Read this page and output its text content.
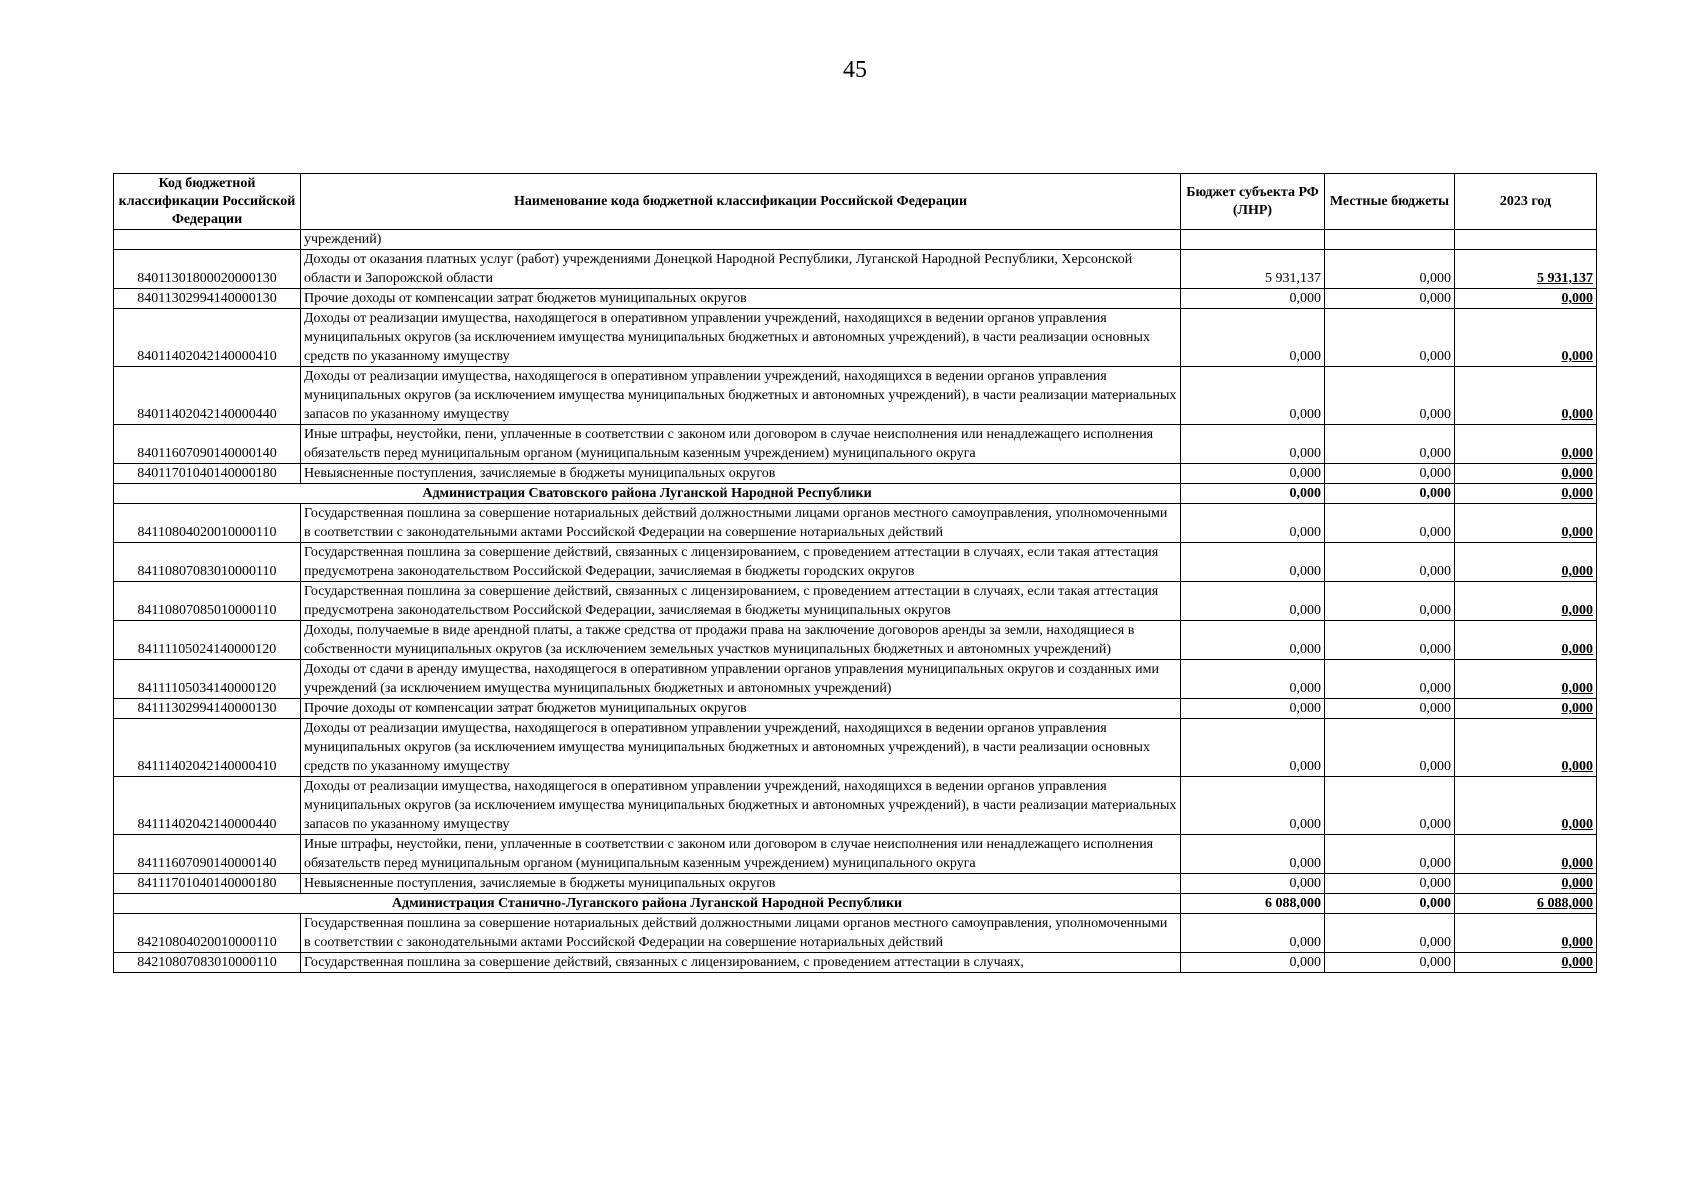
45
Код бюджетной классификации Российской Федерации	Наименование кода бюджетной классификации Российской Федерации	Бюджет субъекта РФ (ЛНР)	Местные бюджеты	2023 год
	учреждений)			
84011301800020000130	Доходы от оказания платных услуг (работ) учреждениями Донецкой Народной Республики, Луганской Народной Республики, Херсонской области и Запорожской области	5 931,137	0,000	5 931,137
84011302994140000130	Прочие доходы от компенсации затрат бюджетов муниципальных округов	0,000	0,000	0,000
84011402042140000410	Доходы от реализации имущества, находящегося в оперативном управлении учреждений, находящихся в ведении органов управления муниципальных округов (за исключением имущества муниципальных бюджетных и автономных учреждений), в части реализации основных средств по указанному имуществу	0,000	0,000	0,000
84011402042140000440	Доходы от реализации имущества, находящегося в оперативном управлении учреждений, находящихся в ведении органов управления муниципальных округов (за исключением имущества муниципальных бюджетных и автономных учреждений), в части реализации материальных запасов по указанному имуществу	0,000	0,000	0,000
84011607090140000140	Иные штрафы, неустойки, пени, уплаченные в соответствии с законом или договором в случае неисполнения или ненадлежащего исполнения обязательств перед муниципальным органом (муниципальным казенным учреждением) муниципального округа	0,000	0,000	0,000
84011701040140000180	Невыясненные поступления, зачисляемые в бюджеты муниципальных округов	0,000	0,000	0,000
Администрация Сватовского района Луганской Народной Республики		0,000	0,000	0,000
84110804020010000110	Государственная пошлина за совершение нотариальных действий должностными лицами органов местного самоуправления, уполномоченными в соответствии с законодательными актами Российской Федерации на совершение нотариальных действий	0,000	0,000	0,000
84110807083010000110	Государственная пошлина за совершение действий, связанных с лицензированием, с проведением аттестации в случаях, если такая аттестация предусмотрена законодательством Российской Федерации, зачисляемая в бюджеты городских округов	0,000	0,000	0,000
84110807085010000110	Государственная пошлина за совершение действий, связанных с лицензированием, с проведением аттестации в случаях, если такая аттестация предусмотрена законодательством Российской Федерации, зачисляемая в бюджеты муниципальных округов	0,000	0,000	0,000
84111105024140000120	Доходы, получаемые в виде арендной платы, а также средства от продажи права на заключение договоров аренды за земли, находящиеся в собственности муниципальных округов (за исключением земельных участков муниципальных бюджетных и автономных учреждений)	0,000	0,000	0,000
84111105034140000120	Доходы от сдачи в аренду имущества, находящегося в оперативном управлении органов управления муниципальных округов и созданных ими учреждений (за исключением имущества муниципальных бюджетных и автономных учреждений)	0,000	0,000	0,000
84111302994140000130	Прочие доходы от компенсации затрат бюджетов муниципальных округов	0,000	0,000	0,000
84111402042140000410	Доходы от реализации имущества, находящегося в оперативном управлении учреждений, находящихся в ведении органов управления муниципальных округов (за исключением имущества муниципальных бюджетных и автономных учреждений), в части реализации основных средств по указанному имуществу	0,000	0,000	0,000
84111402042140000440	Доходы от реализации имущества, находящегося в оперативном управлении учреждений, находящихся в ведении органов управления муниципальных округов (за исключением имущества муниципальных бюджетных и автономных учреждений), в части реализации материальных запасов по указанному имуществу	0,000	0,000	0,000
84111607090140000140	Иные штрафы, неустойки, пени, уплаченные в соответствии с законом или договором в случае неисполнения или ненадлежащего исполнения обязательств перед муниципальным органом (муниципальным казенным учреждением) муниципального округа	0,000	0,000	0,000
84111701040140000180	Невыясненные поступления, зачисляемые в бюджеты муниципальных округов	0,000	0,000	0,000
Администрация Станично-Луганского района Луганской Народной Республики		6 088,000	0,000	6 088,000
84210804020010000110	Государственная пошлина за совершение нотариальных действий должностными лицами органов местного самоуправления, уполномоченными в соответствии с законодательными актами Российской Федерации на совершение нотариальных действий	0,000	0,000	0,000
84210807083010000110	Государственная пошлина за совершение действий, связанных с лицензированием, с проведением аттестации в случаях,	0,000	0,000	0,000
